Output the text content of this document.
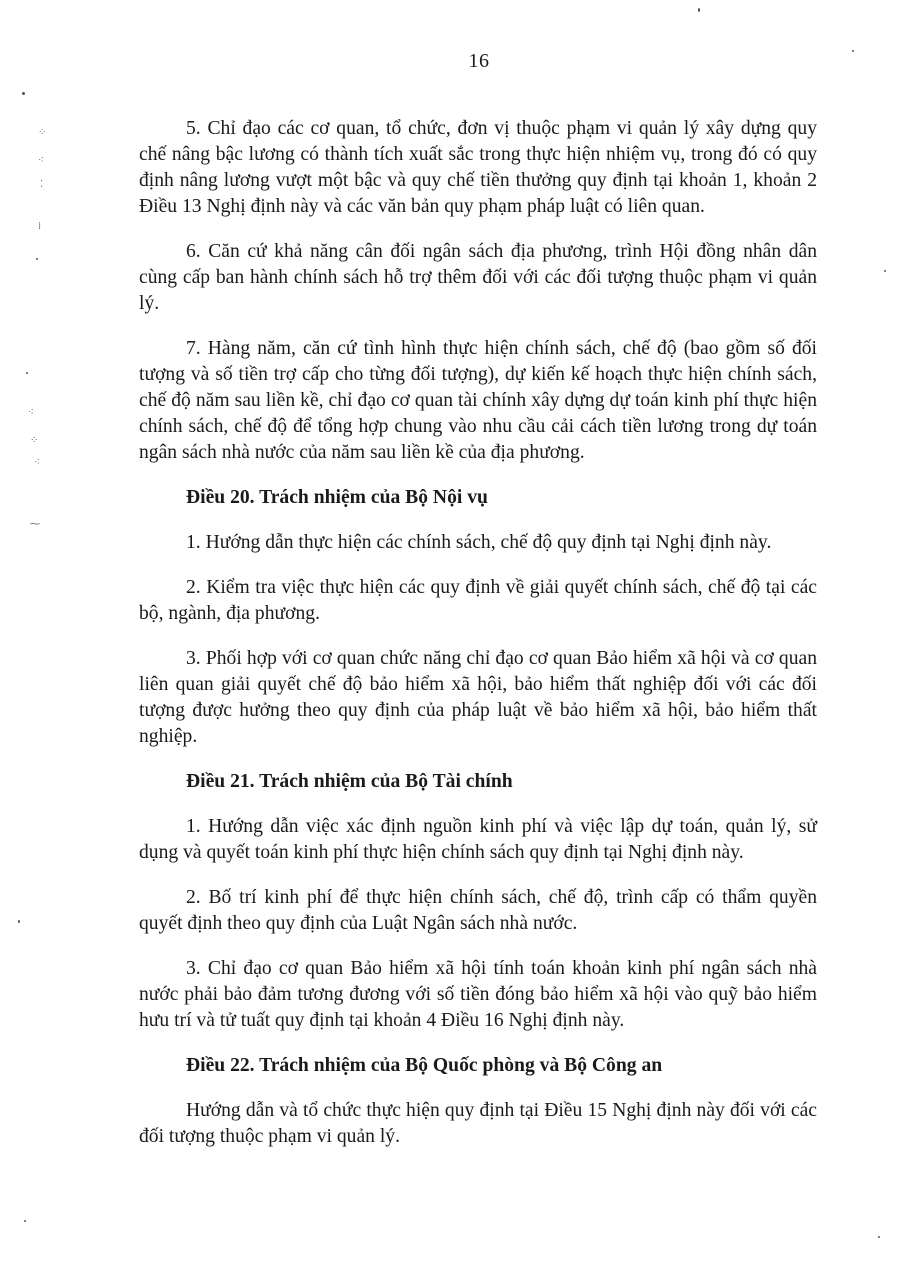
16
⁘
⁖
⁚
⁞
⁖
⁘
⁖
⁓

5. Chỉ đạo các cơ quan, tổ chức, đơn vị thuộc phạm vi quản lý xây dựng quy chế nâng bậc lương có thành tích xuất sắc trong thực hiện nhiệm vụ, trong đó có quy định nâng lương vượt một bậc và quy chế tiền thưởng quy định tại khoản 1, khoản 2 Điều 13 Nghị định này và các văn bản quy phạm pháp luật có liên quan.

6. Căn cứ khả năng cân đối ngân sách địa phương, trình Hội đồng nhân dân cùng cấp ban hành chính sách hỗ trợ thêm đối với các đối tượng thuộc phạm vi quản lý.

7. Hàng năm, căn cứ tình hình thực hiện chính sách, chế độ (bao gồm số đối tượng và số tiền trợ cấp cho từng đối tượng), dự kiến kế hoạch thực hiện chính sách, chế độ năm sau liền kề, chỉ đạo cơ quan tài chính xây dựng dự toán kinh phí thực hiện chính sách, chế độ để tổng hợp chung vào nhu cầu cải cách tiền lương trong dự toán ngân sách nhà nước của năm sau liền kề của địa phương.

Điều 20. Trách nhiệm của Bộ Nội vụ

1. Hướng dẫn thực hiện các chính sách, chế độ quy định tại Nghị định này.

2. Kiểm tra việc thực hiện các quy định về giải quyết chính sách, chế độ tại các bộ, ngành, địa phương.

3. Phối hợp với cơ quan chức năng chỉ đạo cơ quan Bảo hiểm xã hội và cơ quan liên quan giải quyết chế độ bảo hiểm xã hội, bảo hiểm thất nghiệp đối với các đối tượng được hưởng theo quy định của pháp luật về bảo hiểm xã hội, bảo hiểm thất nghiệp.

Điều 21. Trách nhiệm của Bộ Tài chính

1. Hướng dẫn việc xác định nguồn kinh phí và việc lập dự toán, quản lý, sử dụng và quyết toán kinh phí thực hiện chính sách quy định tại Nghị định này.

2. Bố trí kinh phí để thực hiện chính sách, chế độ, trình cấp có thẩm quyền quyết định theo quy định của Luật Ngân sách nhà nước.

3. Chỉ đạo cơ quan Bảo hiểm xã hội tính toán khoản kinh phí ngân sách nhà nước phải bảo đảm tương đương với số tiền đóng bảo hiểm xã hội vào quỹ bảo hiểm hưu trí và tử tuất quy định tại khoản 4 Điều 16 Nghị định này.

Điều 22. Trách nhiệm của Bộ Quốc phòng và Bộ Công an

Hướng dẫn và tổ chức thực hiện quy định tại Điều 15 Nghị định này đối với các đối tượng thuộc phạm vi quản lý.
